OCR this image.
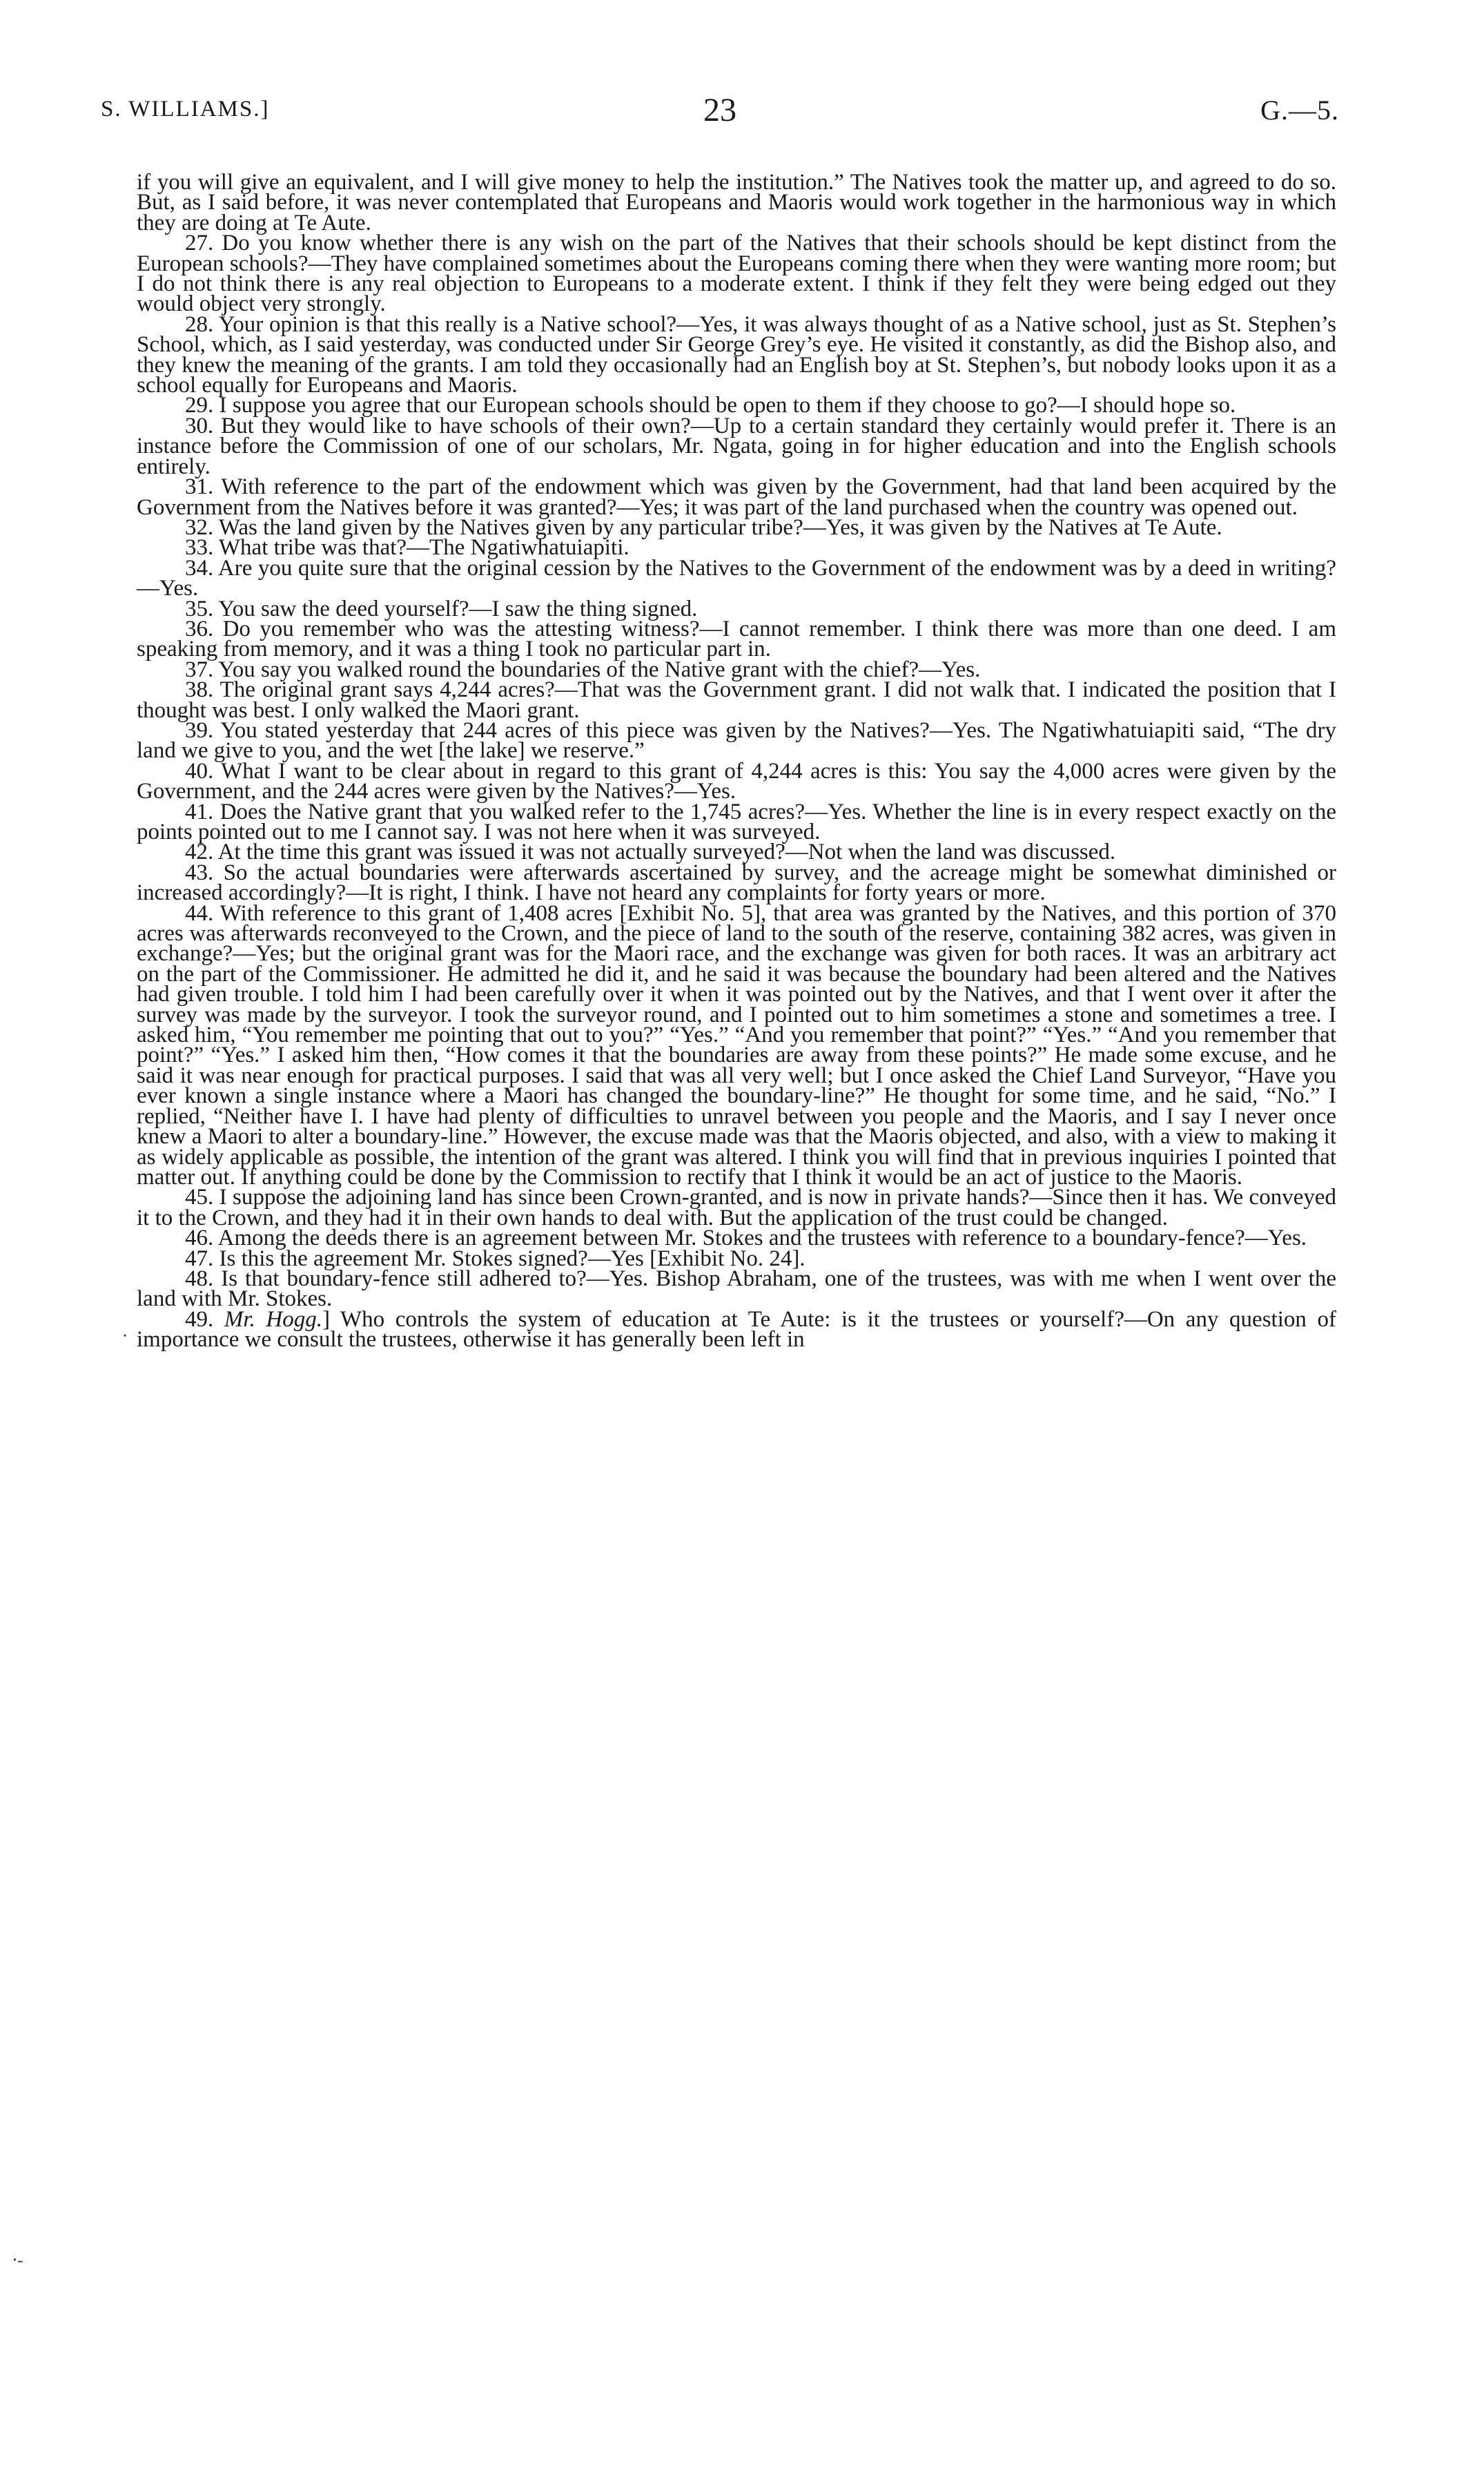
S. WILLIAMS.]	23	G.—5.

if you will give an equivalent, and I will give money to help the institution.” The Natives took the matter up, and agreed to do so. But, as I said before, it was never contemplated that Europeans and Maoris would work together in the harmonious way in which they are doing at Te Aute.

27. Do you know whether there is any wish on the part of the Natives that their schools should be kept distinct from the European schools?—They have complained sometimes about the Europeans coming there when they were wanting more room; but I do not think there is any real objection to Europeans to a moderate extent. I think if they felt they were being edged out they would object very strongly.

28. Your opinion is that this really is a Native school?—Yes, it was always thought of as a Native school, just as St. Stephen’s School, which, as I said yesterday, was conducted under Sir George Grey’s eye. He visited it constantly, as did the Bishop also, and they knew the meaning of the grants. I am told they occasionally had an English boy at St. Stephen’s, but nobody looks upon it as a school equally for Europeans and Maoris.

29. I suppose you agree that our European schools should be open to them if they choose to go?—I should hope so.

30. But they would like to have schools of their own?—Up to a certain standard they certainly would prefer it. There is an instance before the Commission of one of our scholars, Mr. Ngata, going in for higher education and into the English schools entirely.

31. With reference to the part of the endowment which was given by the Government, had that land been acquired by the Government from the Natives before it was granted?—Yes; it was part of the land purchased when the country was opened out.

32. Was the land given by the Natives given by any particular tribe?—Yes, it was given by the Natives at Te Aute.

33. What tribe was that?—The Ngatiwhatuiapiti.

34. Are you quite sure that the original cession by the Natives to the Government of the endowment was by a deed in writing?—Yes.

35. You saw the deed yourself?—I saw the thing signed.

36. Do you remember who was the attesting witness?—I cannot remember. I think there was more than one deed. I am speaking from memory, and it was a thing I took no particular part in.

37. You say you walked round the boundaries of the Native grant with the chief?—Yes.

38. The original grant says 4,244 acres?—That was the Government grant. I did not walk that. I indicated the position that I thought was best. I only walked the Maori grant.

39. You stated yesterday that 244 acres of this piece was given by the Natives?—Yes. The Ngatiwhatuiapiti said, “The dry land we give to you, and the wet [the lake] we reserve.”

40. What I want to be clear about in regard to this grant of 4,244 acres is this: You say the 4,000 acres were given by the Government, and the 244 acres were given by the Natives?—Yes.

41. Does the Native grant that you walked refer to the 1,745 acres?—Yes. Whether the line is in every respect exactly on the points pointed out to me I cannot say. I was not here when it was surveyed.

42. At the time this grant was issued it was not actually surveyed?—Not when the land was discussed.

43. So the actual boundaries were afterwards ascertained by survey, and the acreage might be somewhat diminished or increased accordingly?—It is right, I think. I have not heard any complaints for forty years or more.

44. With reference to this grant of 1,408 acres [Exhibit No. 5], that area was granted by the Natives, and this portion of 370 acres was afterwards reconveyed to the Crown, and the piece of land to the south of the reserve, containing 382 acres, was given in exchange?—Yes; but the original grant was for the Maori race, and the exchange was given for both races. It was an arbitrary act on the part of the Commissioner. He admitted he did it, and he said it was because the boundary had been altered and the Natives had given trouble. I told him I had been carefully over it when it was pointed out by the Natives, and that I went over it after the survey was made by the surveyor. I took the surveyor round, and I pointed out to him sometimes a stone and sometimes a tree. I asked him, “You remember me pointing that out to you?” “Yes.” “And you remember that point?” “Yes.” “And you remember that point?” “Yes.” I asked him then, “How comes it that the boundaries are away from these points?” He made some excuse, and he said it was near enough for practical purposes. I said that was all very well; but I once asked the Chief Land Surveyor, “Have you ever known a single instance where a Maori has changed the boundary-line?” He thought for some time, and he said, “No.” I replied, “Neither have I. I have had plenty of difficulties to unravel between you people and the Maoris, and I say I never once knew a Maori to alter a boundary-line.” However, the excuse made was that the Maoris objected, and also, with a view to making it as widely applicable as possible, the intention of the grant was altered. I think you will find that in previous inquiries I pointed that matter out. If anything could be done by the Commission to rectify that I think it would be an act of justice to the Maoris.

45. I suppose the adjoining land has since been Crown-granted, and is now in private hands?—Since then it has. We conveyed it to the Crown, and they had it in their own hands to deal with. But the application of the trust could be changed.

46. Among the deeds there is an agreement between Mr. Stokes and the trustees with reference to a boundary-fence?—Yes.

47. Is this the agreement Mr. Stokes signed?—Yes [Exhibit No. 24].

48. Is that boundary-fence still adhered to?—Yes. Bishop Abraham, one of the trustees, was with me when I went over the land with Mr. Stokes.

49. Mr. Hogg.] Who controls the system of education at Te Aute: is it the trustees or yourself?—On any question of importance we consult the trustees, otherwise it has generally been left in

·
⸱-
